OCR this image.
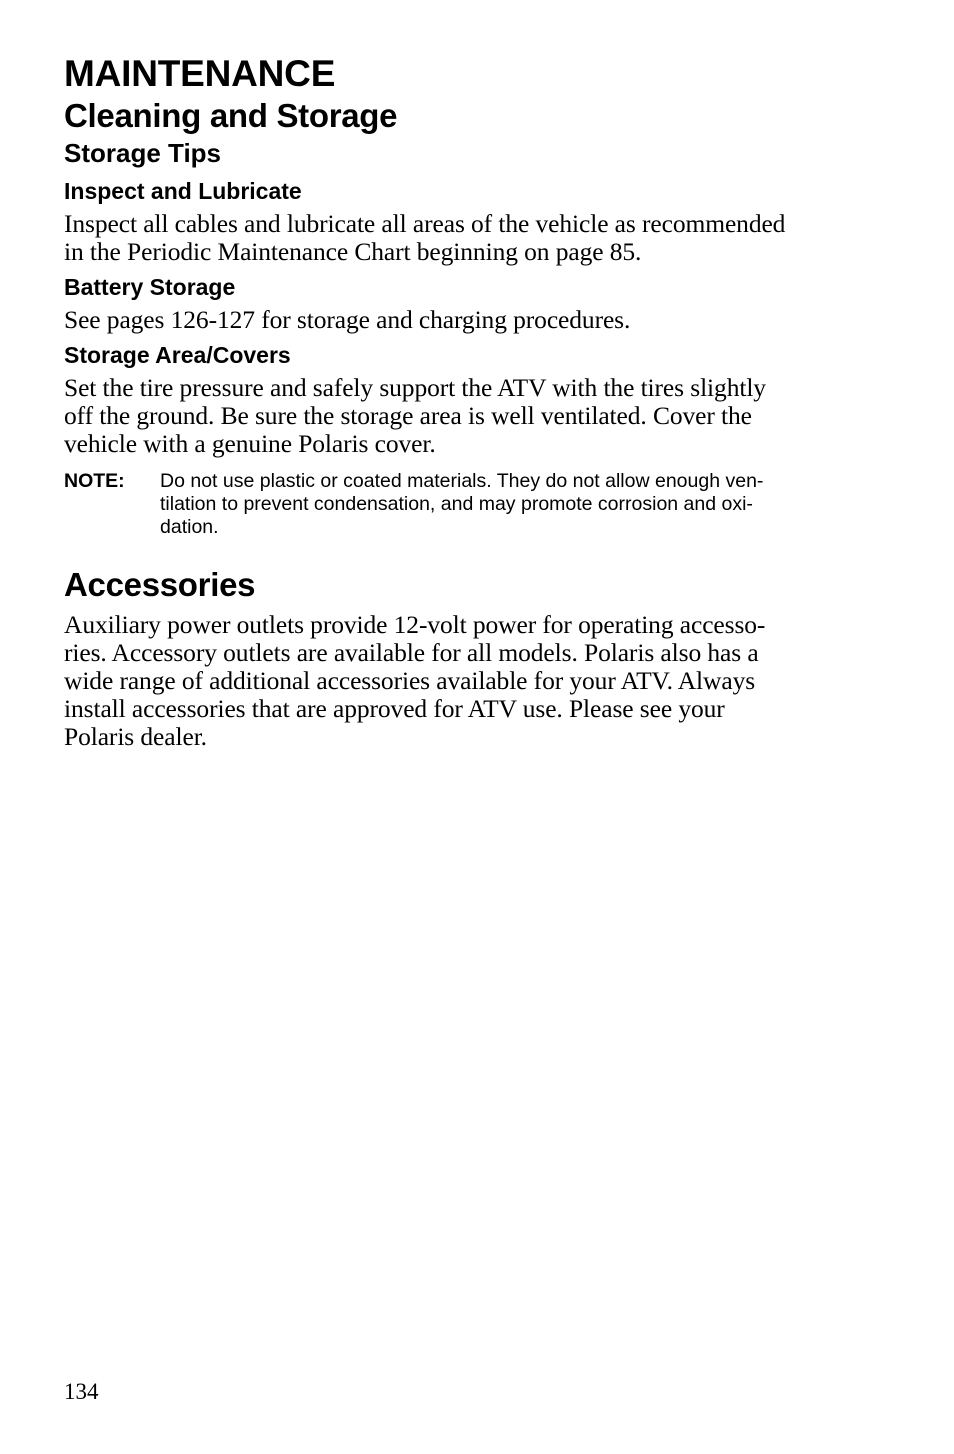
MAINTENANCE
Cleaning and Storage
Storage Tips
Inspect and Lubricate

Inspect all cables and lubricate all areas of the vehicle as recommended
in the Periodic Maintenance Chart beginning on page 85.

Battery Storage

See pages 126-127 for storage and charging procedures.

Storage Area/Covers

Set the tire pressure and safely support the ATV with the tires slightly
off the ground. Be sure the storage area is well ventilated. Cover the
vehicle with a genuine Polaris cover.

NOTE:	Do not use plastic or coated materials. They do not allow enough ven-
tilation to prevent condensation, and may promote corrosion and oxi-
dation.
Accessories

Auxiliary power outlets provide 12-volt power for operating accesso-
ries. Accessory outlets are available for all models. Polaris also has a
wide range of additional accessories available for your ATV. Always
install accessories that are approved for ATV use. Please see your
Polaris dealer.

134
